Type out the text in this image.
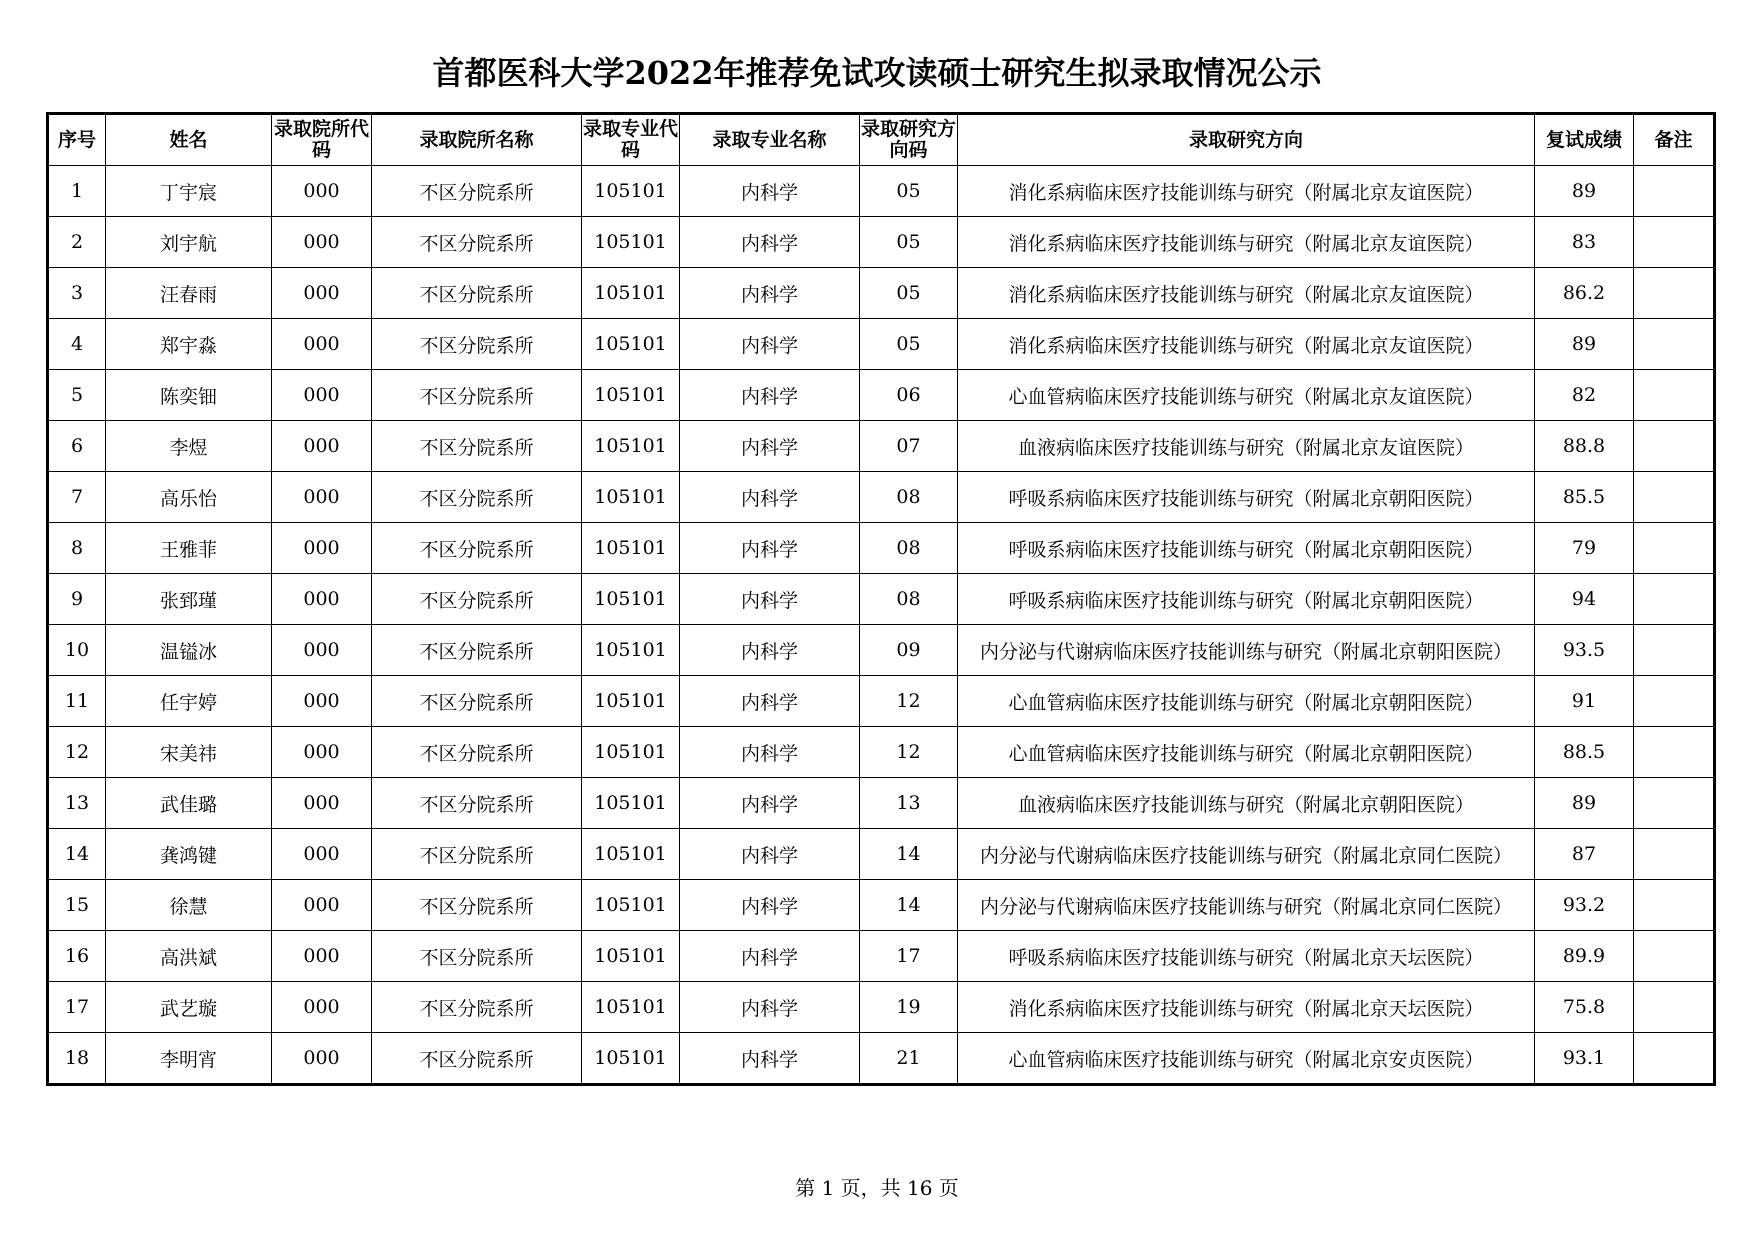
首都医科大学2022年推荐免试攻读硕士研究生拟录取情况公示
序号	姓名	录取院所代码	录取院所名称	录取专业代码	录取专业名称	录取研究方向码	录取研究方向	复试成绩	备注
1	丁宇宸	000	不区分院系所	105101	内科学	05	消化系病临床医疗技能训练与研究（附属北京友谊医院）	89	
2	刘宇航	000	不区分院系所	105101	内科学	05	消化系病临床医疗技能训练与研究（附属北京友谊医院）	83	
3	汪春雨	000	不区分院系所	105101	内科学	05	消化系病临床医疗技能训练与研究（附属北京友谊医院）	86.2	
4	郑宇淼	000	不区分院系所	105101	内科学	05	消化系病临床医疗技能训练与研究（附属北京友谊医院）	89	
5	陈奕钿	000	不区分院系所	105101	内科学	06	心血管病临床医疗技能训练与研究（附属北京友谊医院）	82	
6	李煜	000	不区分院系所	105101	内科学	07	血液病临床医疗技能训练与研究（附属北京友谊医院）	88.8	
7	高乐怡	000	不区分院系所	105101	内科学	08	呼吸系病临床医疗技能训练与研究（附属北京朝阳医院）	85.5	
8	王雅菲	000	不区分院系所	105101	内科学	08	呼吸系病临床医疗技能训练与研究（附属北京朝阳医院）	79	
9	张郅瑾	000	不区分院系所	105101	内科学	08	呼吸系病临床医疗技能训练与研究（附属北京朝阳医院）	94	
10	温镒冰	000	不区分院系所	105101	内科学	09	内分泌与代谢病临床医疗技能训练与研究（附属北京朝阳医院）	93.5	
11	任宇婷	000	不区分院系所	105101	内科学	12	心血管病临床医疗技能训练与研究（附属北京朝阳医院）	91	
12	宋美祎	000	不区分院系所	105101	内科学	12	心血管病临床医疗技能训练与研究（附属北京朝阳医院）	88.5	
13	武佳璐	000	不区分院系所	105101	内科学	13	血液病临床医疗技能训练与研究（附属北京朝阳医院）	89	
14	龚鸿键	000	不区分院系所	105101	内科学	14	内分泌与代谢病临床医疗技能训练与研究（附属北京同仁医院）	87	
15	徐慧	000	不区分院系所	105101	内科学	14	内分泌与代谢病临床医疗技能训练与研究（附属北京同仁医院）	93.2	
16	高洪斌	000	不区分院系所	105101	内科学	17	呼吸系病临床医疗技能训练与研究（附属北京天坛医院）	89.9	
17	武艺璇	000	不区分院系所	105101	内科学	19	消化系病临床医疗技能训练与研究（附属北京天坛医院）	75.8	
18	李明宵	000	不区分院系所	105101	内科学	21	心血管病临床医疗技能训练与研究（附属北京安贞医院）	93.1	
第 1 页，共 16 页
